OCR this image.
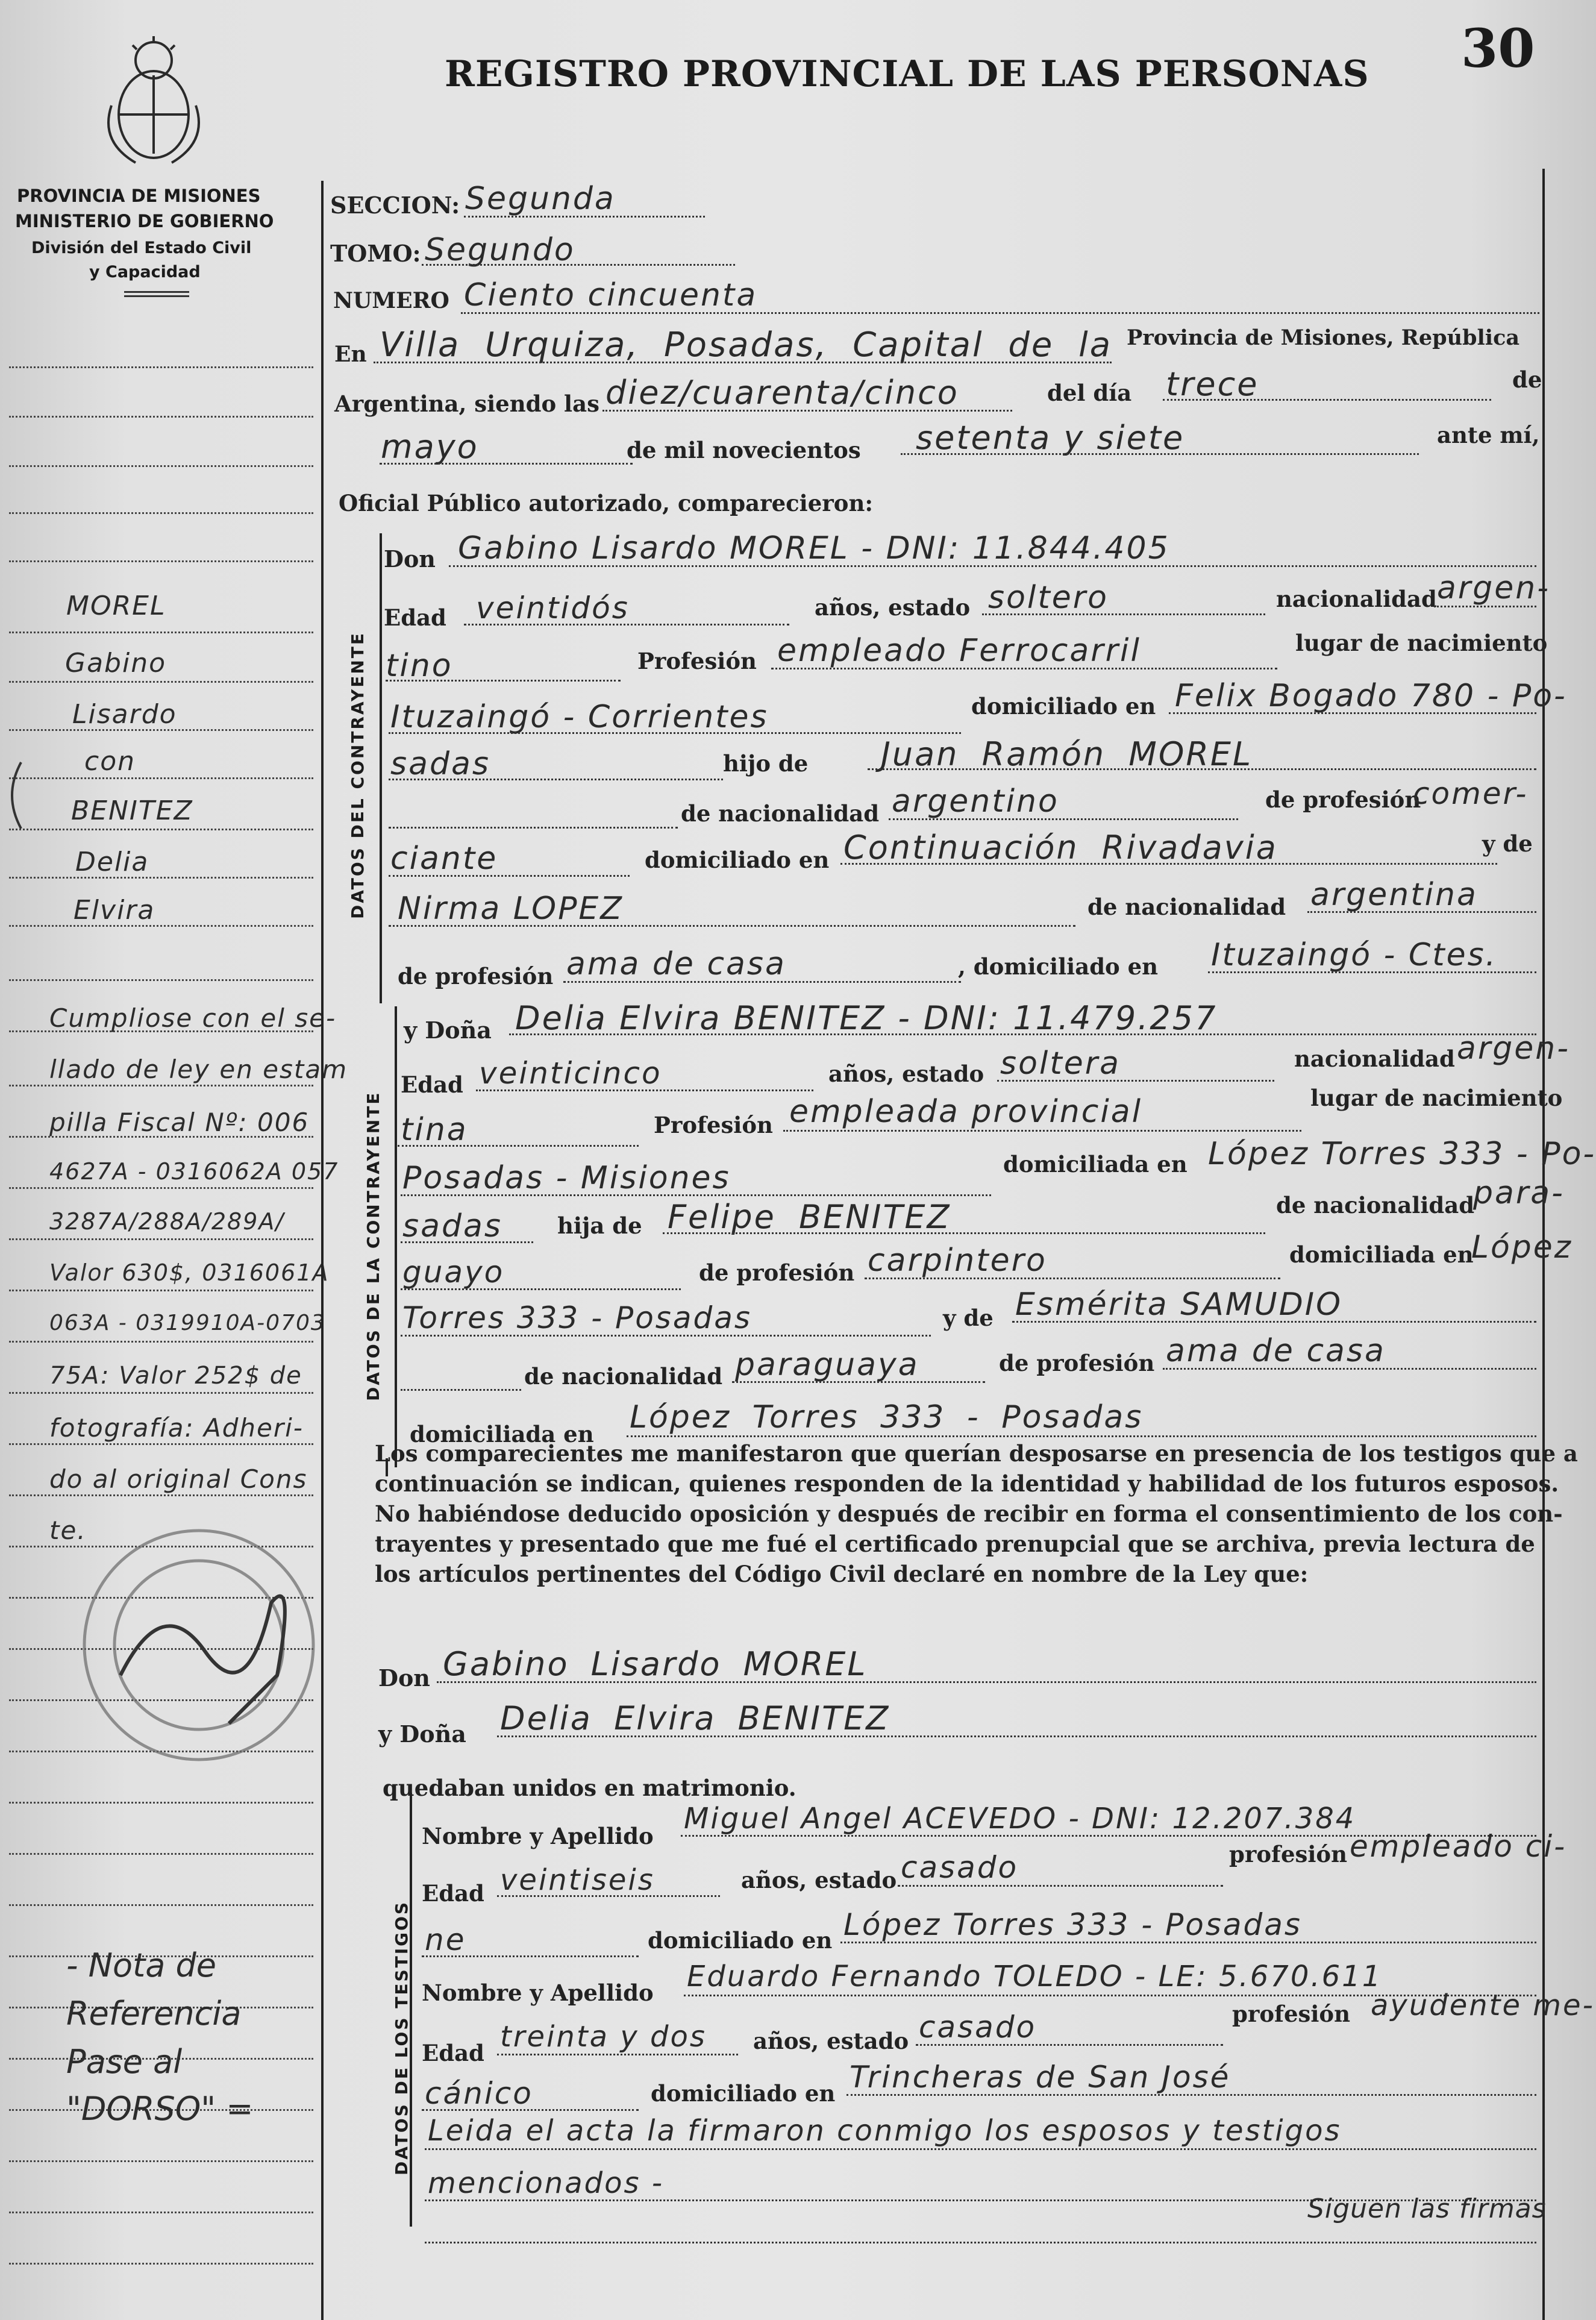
30
REGISTRO PROVINCIAL DE LAS PERSONAS
PROVINCIA DE MISIONES
MINISTERIO DE GOBIERNO
División del Estado Civil
y Capacidad
MOREL
Gabino
Lisardo
con
BENITEZ
Delia
Elvira
Cumpliose con el se-
llado de ley en estam
pilla Fiscal Nº: 006
4627A - 0316062A 057
3287A/288A/289A/
Valor 630$, 0316061A
063A - 0319910A-0703
75A: Valor 252$ de
fotografía: Adheri-
do al original Cons
te.
- Nota de
Referencia
Pase al
"DORSO" =
DATOS DEL CONTRAYENTE
DATOS DE LA CONTRAYENTE
DATOS DE LOS TESTIGOS
SECCION: Segunda
TOMO: Segundo
NUMERO Ciento cincuenta
En Villa Urquiza, Posadas, Capital de la Provincia de Misiones, República
Argentina, siendo las diez/cuarenta/cinco	del día trece	de
mayo	de mil novecientos setenta y siete	ante mí,
Oficial Público autorizado, comparecieron:
Don Gabino Lisardo MOREL - DNI: 11.844.405
Edad veintidós	años, estado soltero	nacionalidad argen-
tino	Profesión empleado Ferrocarril	lugar de nacimiento
Ituzaingó - Corrientes	domiciliado en Felix Bogado 780 - Po-
sadas	hijo de Juan Ramón MOREL
de nacionalidad argentino	de profesión
comer-
ciante	domiciliado en Continuación Rivadavia	y de
Nirma LOPEZ	de nacionalidad argentina
de profesión ama de casa	, domiciliado en Ituzaingó - Ctes.
y Doña Delia Elvira BENITEZ - DNI: 11.479.257
Edad veinticinco	años, estado soltera	nacionalidad argen-
tina	Profesión empleada provincial	lugar de nacimiento
Posadas - Misiones	domiciliada en López Torres 333 - Po-
sadas hija de Felipe BENITEZ	de nacionalidad
para-
guayo	de profesión carpintero	domiciliada en
López
Torres 333 - Posadas	y de Esmérita SAMUDIO
de nacionalidad paraguaya	de profesión ama de casa
domiciliada en López Torres 333 - Posadas
Los comparecientes me manifestaron que querían desposarse en presencia de los testigos que a
continuación se indican, quienes responden de la identidad y habilidad de los futuros esposos.
No habiéndose deducido oposición y después de recibir en forma el consentimiento de los con-
trayentes y presentado que me fué el certificado prenupcial que se archiva, previa lectura de
los artículos pertinentes del Código Civil declaré en nombre de la Ley que:
Don Gabino Lisardo MOREL
y Doña Delia Elvira BENITEZ
quedaban unidos en matrimonio.
Nombre y Apellido
Miguel Angel ACEVEDO - DNI: 12.207.384
Edad veintiseis	años, estado casado	profesión empleado ci-
ne	domiciliado en López Torres 333 - Posadas
Nombre y Apellido Eduardo Fernando TOLEDO - LE: 5.670.611
Edad treinta y dos años, estado casado	profesión ayudente me-
cánico	domiciliado en Trincheras de San José
Leida el acta la firmaron conmigo los esposos y testigos
mencionados -
Siguen las firmas
